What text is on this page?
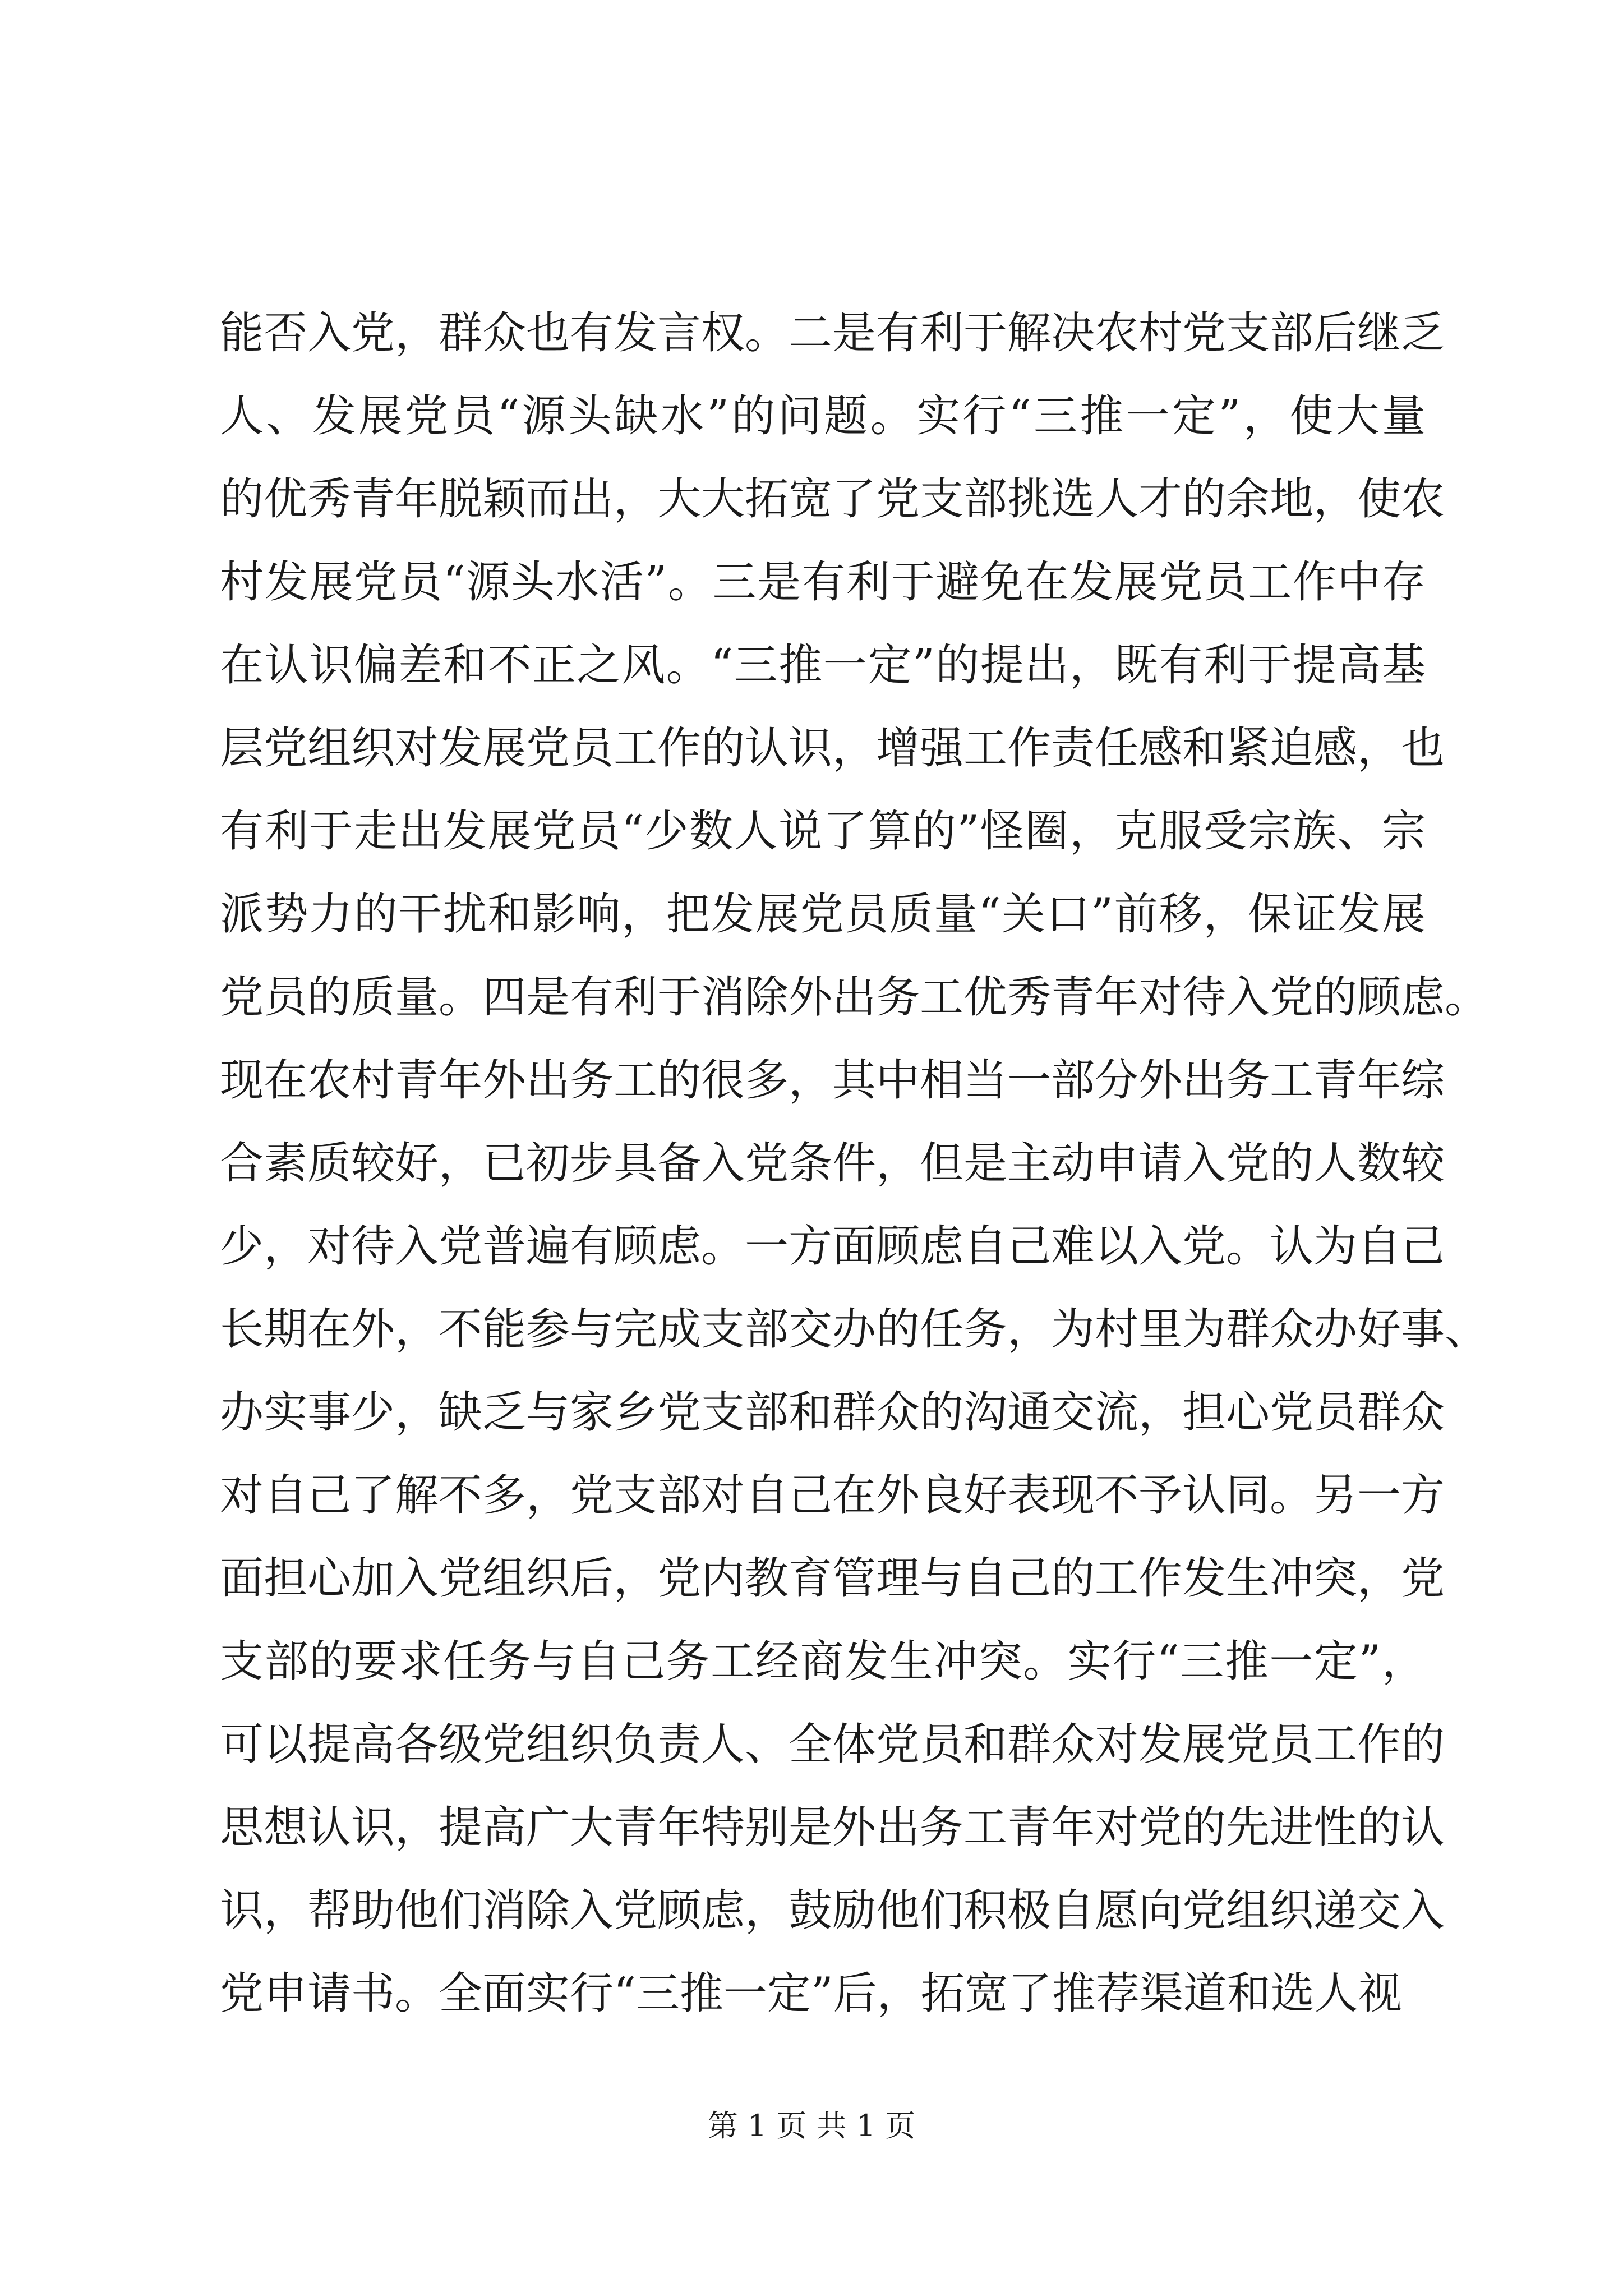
能否入党，群众也有发言权。二是有利于解决农村党支部后继乏
人、发展党员“源头缺水”的问题。实行“三推一定”，使大量
的优秀青年脱颖而出，大大拓宽了党支部挑选人才的余地，使农
村发展党员“源头水活”。三是有利于避免在发展党员工作中存
在认识偏差和不正之风。“三推一定”的提出，既有利于提高基
层党组织对发展党员工作的认识，增强工作责任感和紧迫感，也
有利于走出发展党员“少数人说了算的”怪圈，克服受宗族、宗
派势力的干扰和影响，把发展党员质量“关口”前移，保证发展
党员的质量。四是有利于消除外出务工优秀青年对待入党的顾虑。
现在农村青年外出务工的很多，其中相当一部分外出务工青年综
合素质较好，已初步具备入党条件，但是主动申请入党的人数较
少，对待入党普遍有顾虑。一方面顾虑自己难以入党。认为自己
长期在外，不能参与完成支部交办的任务，为村里为群众办好事、
办实事少，缺乏与家乡党支部和群众的沟通交流，担心党员群众
对自己了解不多，党支部对自己在外良好表现不予认同。另一方
面担心加入党组织后，党内教育管理与自己的工作发生冲突，党
支部的要求任务与自己务工经商发生冲突。实行“三推一定”，
可以提高各级党组织负责人、全体党员和群众对发展党员工作的
思想认识，提高广大青年特别是外出务工青年对党的先进性的认
识，帮助他们消除入党顾虑，鼓励他们积极自愿向党组织递交入
党申请书。全面实行“三推一定”后，拓宽了推荐渠道和选人视
第 1 页 共 1 页
